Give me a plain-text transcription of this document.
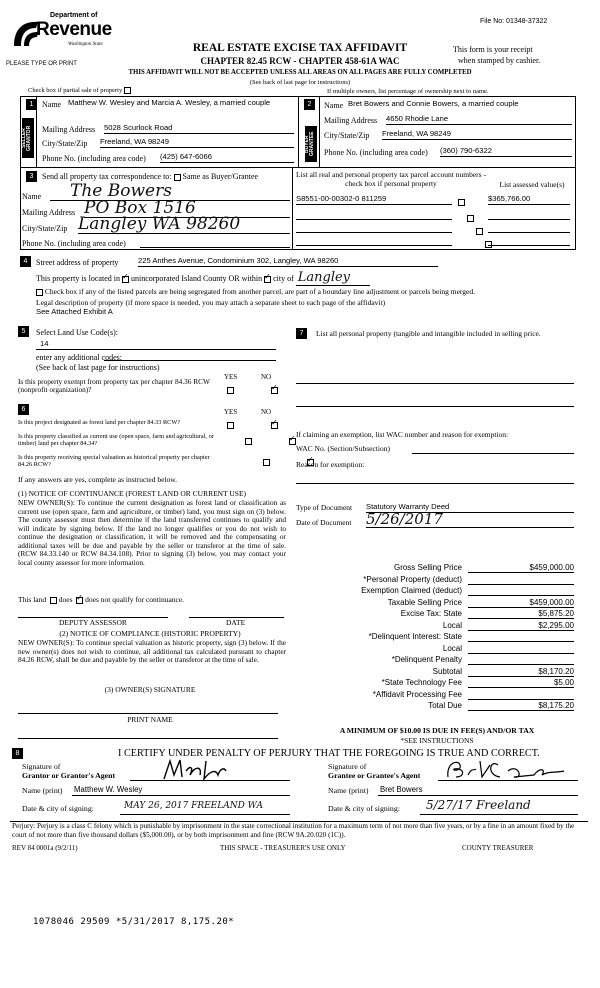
File No: 01348-37322
Department of
Revenue
Washington State
PLEASE TYPE OR PRINT
REAL ESTATE EXCISE TAX AFFIDAVIT
CHAPTER 82.45 RCW - CHAPTER 458-61A WAC
This form is your receipt
when stamped by cashier.
THIS AFFIDAVIT WILL NOT BE ACCEPTED UNLESS ALL AREAS ON ALL PAGES ARE FULLY COMPLETED
(See back of last page for instructions)
Check box if partial sale of property	If multiple owners, list percentage of ownership next to name.
1
SELLER GRANTOR
Name Matthew W. Wesley and Marcia A. Wesley, a married couple
Mailing Address 5028 Scurlock Road
City/State/Zip Freeland, WA 98249
Phone No. (including area code) (425) 647-6066
2
BUYER GRANTEE
Name Bret Bowers and Connie Bowers, a married couple
Mailing Address 4650 Rhodie Lane
City/State/Zip Freeland, WA 98249
Phone No. (including area code) (360) 790-6322
3	Send all property tax correspondence to: Same as Buyer/Grantee
Name	The Bowers
Mailing Address PO Box 1516
City/State/Zip Langley WA 98260
Phone No. (including area code)
List all real and personal property tax parcel account numbers - check box if personal property	List assessed value(s)
S8551-00-00302-0 811259
	$365,766.00

4	Street address of property	225 Anthes Avenue, Condominium 302, Langley, WA 98260
This property is located in ✓ unincorporated Island County OR within ✓ city of Langley
Check box if any of the listed parcels are being segregated from another parcel, are part of a boundary line adjustment or parcels being merged.
Legal description of property (if more space is needed, you may attach a separate sheet to each page of the affidavit)
See Attached Exhibit A
5	Select Land Use Code(s):
14
enter any additional codes:
(See back of last page for instructions)
YES	NO
Is this property exempt from property tax per chapter 84.36 RCW (nonprofit organization)?
✓
6	YES	NO
Is this project designated as forest land per chapter 84.33 RCW?
✓
Is this property classified as current use (open space, farm and agricultural, or timber) land per chapter 84.34?
✓
Is this property receiving special valuation as historical property per chapter 84.26 RCW?
✓
If any answers are yes, complete as instructed below.
(1) NOTICE OF CONTINUANCE (FOREST LAND OR CURRENT USE)
NEW OWNER(S): To continue the current designation as forest land or classification as current use (open space, farm and agriculture, or timber) land, you must sign on (3) below. The county assessor must then determine if the land transferred continues to qualify and will indicate by signing below. If the land no longer qualifies or you do not wish to continue the designation or classification, it will be removed and the compensating or additional taxes will be due and payable by the seller or transferor at the time of sale. (RCW 84.33.140 or RCW 84.34.108). Prior to signing (3) below, you may contact your local county assessor for more information.
This land does ✓ does not qualify for continuance.
DEPUTY ASSESSOR	DATE
(2) NOTICE OF COMPLIANCE (HISTORIC PROPERTY)
NEW OWNER(S): To continue special valuation as historic property, sign (3) below. If the new owner(s) does not wish to continue, all additional tax calculated pursuant to chapter 84.26 RCW, shall be due and payable by the seller or transferor at the time of sale.
(3) OWNER(S) SIGNATURE
PRINT NAME
7	List all personal property (tangible and intangible included in selling price.
If claiming an exemption, list WAC number and reason for exemption:
WAC No. (Section/Subsection)
Reason for exemption:
Type of Document Statutory Warranty Deed
Date of Document 5/26/2017
Gross Selling Price	$459,000.00
*Personal Property (deduct)
Exemption Claimed (deduct)
Taxable Selling Price	$459,000.00
Excise Tax: State	$5,875.20
Local	$2,295.00
*Delinquent Interest: State
Local
*Delinquent Penalty
Subtotal	$8,170.20
*State Technology Fee	$5.00
*Affidavit Processing Fee
Total Due	$8,175.20
A MINIMUM OF $10.00 IS DUE IN FEE(S) AND/OR TAX
*SEE INSTRUCTIONS
8	I CERTIFY UNDER PENALTY OF PERJURY THAT THE FOREGOING IS TRUE AND CORRECT.
Signature of
Grantor or Grantor's Agent
Signature of
Grantee or Grantee's Agent
Name (print) Matthew W. Wesley	Name (print) Bret Bowers
Date & city of signing:	MAY 26, 2017 FREELAND WA	Date & city of signing:	5/27/17 Freeland
Perjury: Perjury is a class C felony which is punishable by imprisonment in the state correctional institution for a maximum term of not more than five years, or by a fine in an amount fixed by the court of not more than five thousand dollars ($5,000.00), or by both imprisonment and fine (RCW 9A.20.020 (1C)).
REV 84 0001a (9/2/11)	THIS SPACE - TREASURER'S USE ONLY	COUNTY TREASURER
1078046 29509 *5/31/2017 8,175.20*
